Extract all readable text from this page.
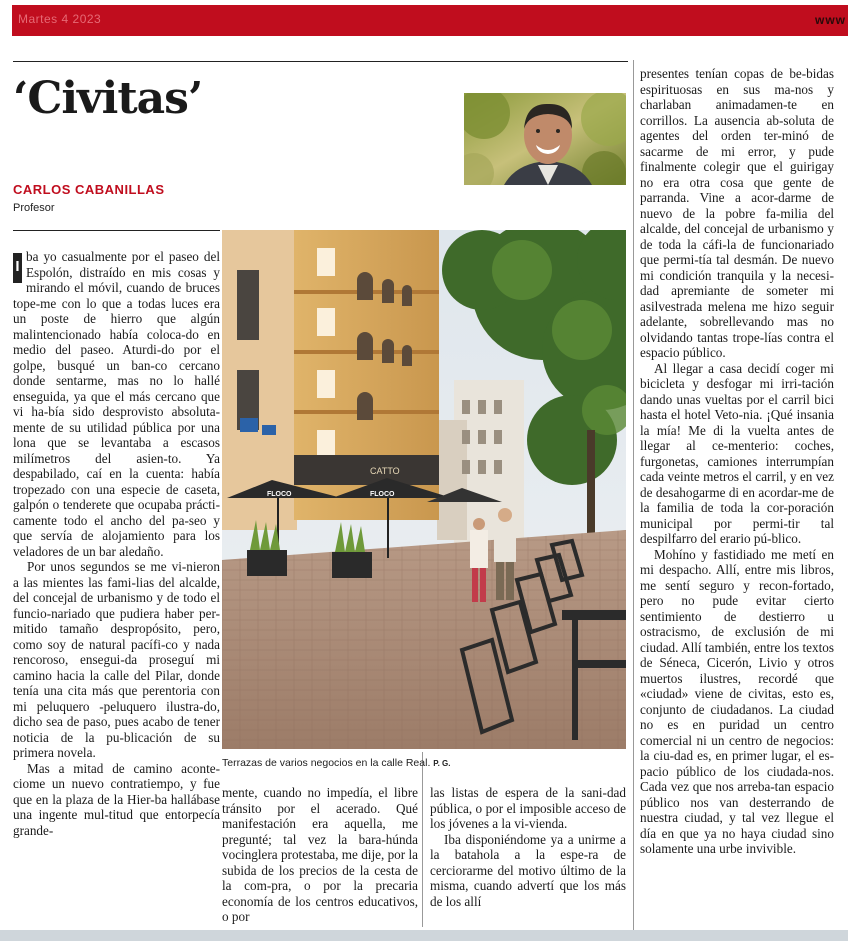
Martes 4 2023	www
‘Civitas’
CARLOS CABANILLAS
Profesor

I
ba yo casualmente por el paseo del Espolón, distraído en mis cosas y mirando el móvil, cuando de bruces tope-me con lo que a todas luces era un poste de hierro que algún malintencionado había coloca-do en medio del paseo. Aturdi-do por el golpe, busqué un ban-co cercano donde sentarme, mas no lo hallé enseguida, ya que el más cercano que vi ha-bía sido desprovisto absoluta-mente de su utilidad pública por una lona que se levantaba a escasos milímetros del asien-to. Ya despabilado, caí en la cuenta: había tropezado con una especie de caseta, galpón o tenderete que ocupaba prácti-camente todo el ancho del pa-seo y que servía de alojamiento para los veladores de un bar aledaño.

Por unos segundos se me vi-nieron a las mientes las fami-lias del alcalde, del concejal de urbanismo y de todo el funcio-nariado que pudiera haber per-mitido tamaño despropósito, pero, como soy de natural pacífi-co y nada rencoroso, ensegui-da proseguí mi camino hacia la calle del Pilar, donde tenía una cita más que perentoria con mi peluquero -peluquero ilustra-do, dicho sea de paso, pues acabo de tener noticia de la pu-blicación de su primera novela.

Mas a mitad de camino aconte-ciome un nuevo contratiempo, y fue que en la plaza de la Hier-ba hallábase una ingente mul-titud que entorpecía grande-

CATTO
FLOCO	FLOCO
Terrazas de varios negocios en la calle Real. P. G.

mente, cuando no impedía, el libre tránsito por el acerado. Qué manifestación era aquella, me pregunté; tal vez la bara-húnda vocinglera protestaba, me dije, por la subida de los precios de la cesta de la com-pra, o por la precaria economía de los centros educativos, o por

las listas de espera de la sani-dad pública, o por el imposible acceso de los jóvenes a la vi-vienda.

Iba disponiéndome ya a unirme a la batahola a la espe-ra de cerciorarme del motivo último de la misma, cuando advertí que los más de los allí

presentes tenían copas de be-bidas espirituosas en sus ma-nos y charlaban animadamen-te en corrillos. La ausencia ab-soluta de agentes del orden ter-minó de sacarme de mi error, y pude finalmente colegir que el guirigay no era otra cosa que gente de parranda. Vine a acor-darme de nuevo de la pobre fa-milia del alcalde, del concejal de urbanismo y de toda la cáfi-la de funcionariado que permi-tía tal desmán. De nuevo mi condición tranquila y la necesi-dad apremiante de someter mi asilvestrada melena me hizo seguir adelante, sobrellevando mas no olvidando tantas trope-lías contra el espacio público.

Al llegar a casa decidí coger mi bicicleta y desfogar mi irri-tación dando unas vueltas por el carril bici hasta el hotel Veto-nia. ¡Qué insania la mía! Me di la vuelta antes de llegar al ce-menterio: coches, furgonetas, camiones interrumpían cada veinte metros el carril, y en vez de desahogarme di en acordar-me de la familia de toda la cor-poración municipal por permi-tir tal despilfarro del erario pú-blico.

Mohíno y fastidiado me metí en mi despacho. Allí, entre mis libros, me sentí seguro y recon-fortado, pero no pude evitar cierto sentimiento de destierro u ostracismo, de exclusión de mi ciudad. Allí también, entre los textos de Séneca, Cicerón, Livio y otros muertos ilustres, recordé que «ciudad» viene de civitas, esto es, conjunto de ciudadanos. La ciudad no es en puridad un centro comercial ni un centro de negocios: la ciu-dad es, en primer lugar, el es-pacio público de los ciudada-nos. Cada vez que nos arreba-tan espacio público nos van desterrando de nuestra ciudad, y tal vez llegue el día en que ya no haya ciudad sino solamente una urbe invivible.
